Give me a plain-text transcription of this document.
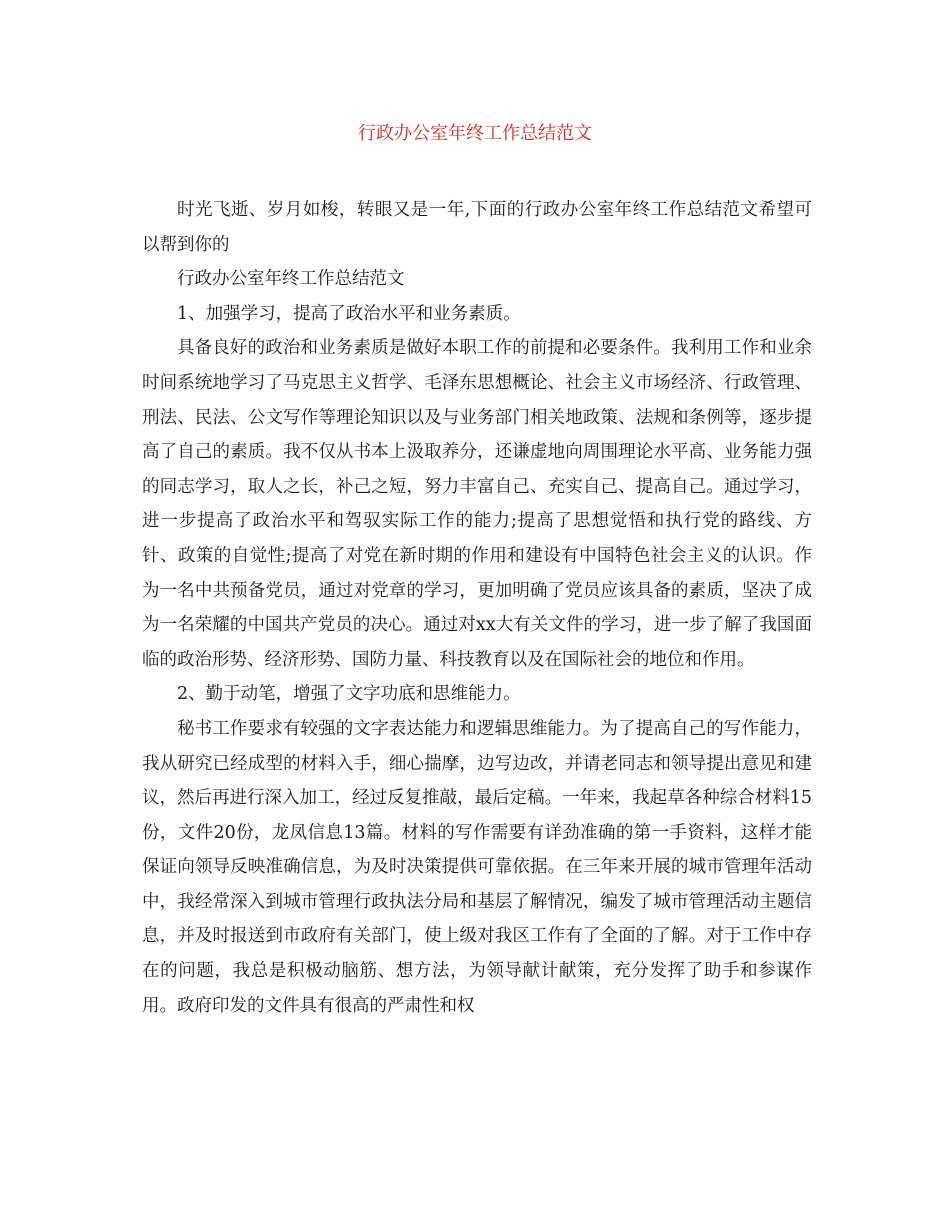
行政办公室年终工作总结范文

时光飞逝、岁月如梭，转眼又是一年,下面的行政办公室年终工作总结范文希望可以帮到你的

行政办公室年终工作总结范文

1、加强学习，提高了政治水平和业务素质。

具备良好的政治和业务素质是做好本职工作的前提和必要条件。我利用工作和业余时间系统地学习了马克思主义哲学、毛泽东思想概论、社会主义市场经济、行政管理、刑法、民法、公文写作等理论知识以及与业务部门相关地政策、法规和条例等，逐步提高了自己的素质。我不仅从书本上汲取养分，还谦虚地向周围理论水平高、业务能力强的同志学习，取人之长，补己之短，努力丰富自己、充实自己、提高自己。通过学习，进一步提高了政治水平和驾驭实际工作的能力;提高了思想觉悟和执行党的路线、方针、政策的自觉性;提高了对党在新时期的作用和建设有中国特色社会主义的认识。作为一名中共预备党员，通过对党章的学习，更加明确了党员应该具备的素质，坚决了成为一名荣耀的中国共产党员的决心。通过对xx大有关文件的学习，进一步了解了我国面临的政治形势、经济形势、国防力量、科技教育以及在国际社会的地位和作用。

2、勤于动笔，增强了文字功底和思维能力。

秘书工作要求有较强的文字表达能力和逻辑思维能力。为了提高自己的写作能力，我从研究已经成型的材料入手，细心揣摩，边写边改，并请老同志和领导提出意见和建议，然后再进行深入加工，经过反复推敲，最后定稿。一年来，我起草各种综合材料15份，文件20份，龙凤信息13篇。材料的写作需要有详劲准确的第一手资料，这样才能保证向领导反映准确信息，为及时决策提供可靠依据。在三年来开展的城市管理年活动中，我经常深入到城市管理行政执法分局和基层了解情况，编发了城市管理活动主题信息，并及时报送到市政府有关部门，使上级对我区工作有了全面的了解。对于工作中存在的问题，我总是积极动脑筋、想方法，为领导献计献策，充分发挥了助手和参谋作用。政府印发的文件具有很高的严肃性和权
